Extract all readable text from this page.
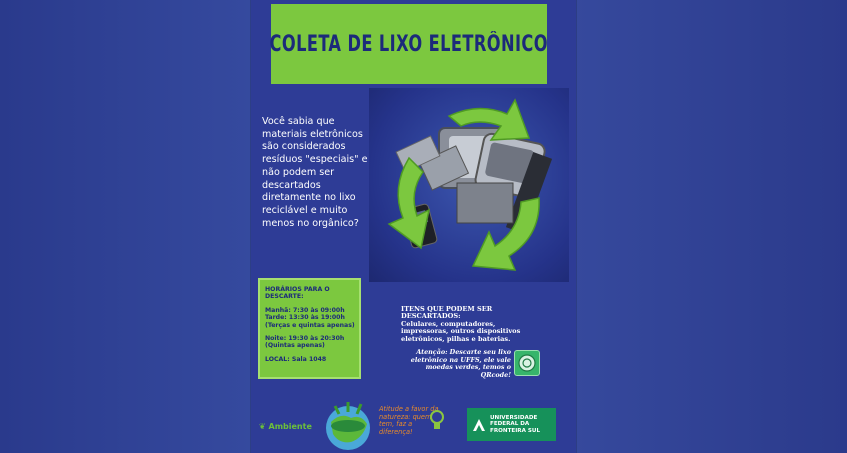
COLETA DE LIXO ELETRÔNICO
Você sabia que materiais eletrônicos são considerados resíduos "especiais" e não podem ser descartados diretamente no lixo reciclável e muito menos no orgânico?
HORÁRIOS PARA O
DESCARTE:
Manhã: 7:30 às 09:00h
Tarde: 13:30 às 19:00h
(Terças e quintas apenas)
Noite: 19:30 às 20:30h
(Quintas apenas)
LOCAL: Sala 1048
ITENS QUE PODEM SER DESCARTADOS:
Celulares, computadores, impressoras, outros dispositivos eletrônicos, pilhas e baterias.
Atenção: Descarte seu lixo eletrônico na UFFS, ele vale moedas verdes, temos o QRcode!
❦ Ambiente
Atitude a favor da natureza: quem tem, faz a diferença!
UNIVERSIDADE
FEDERAL DA
FRONTEIRA SUL
